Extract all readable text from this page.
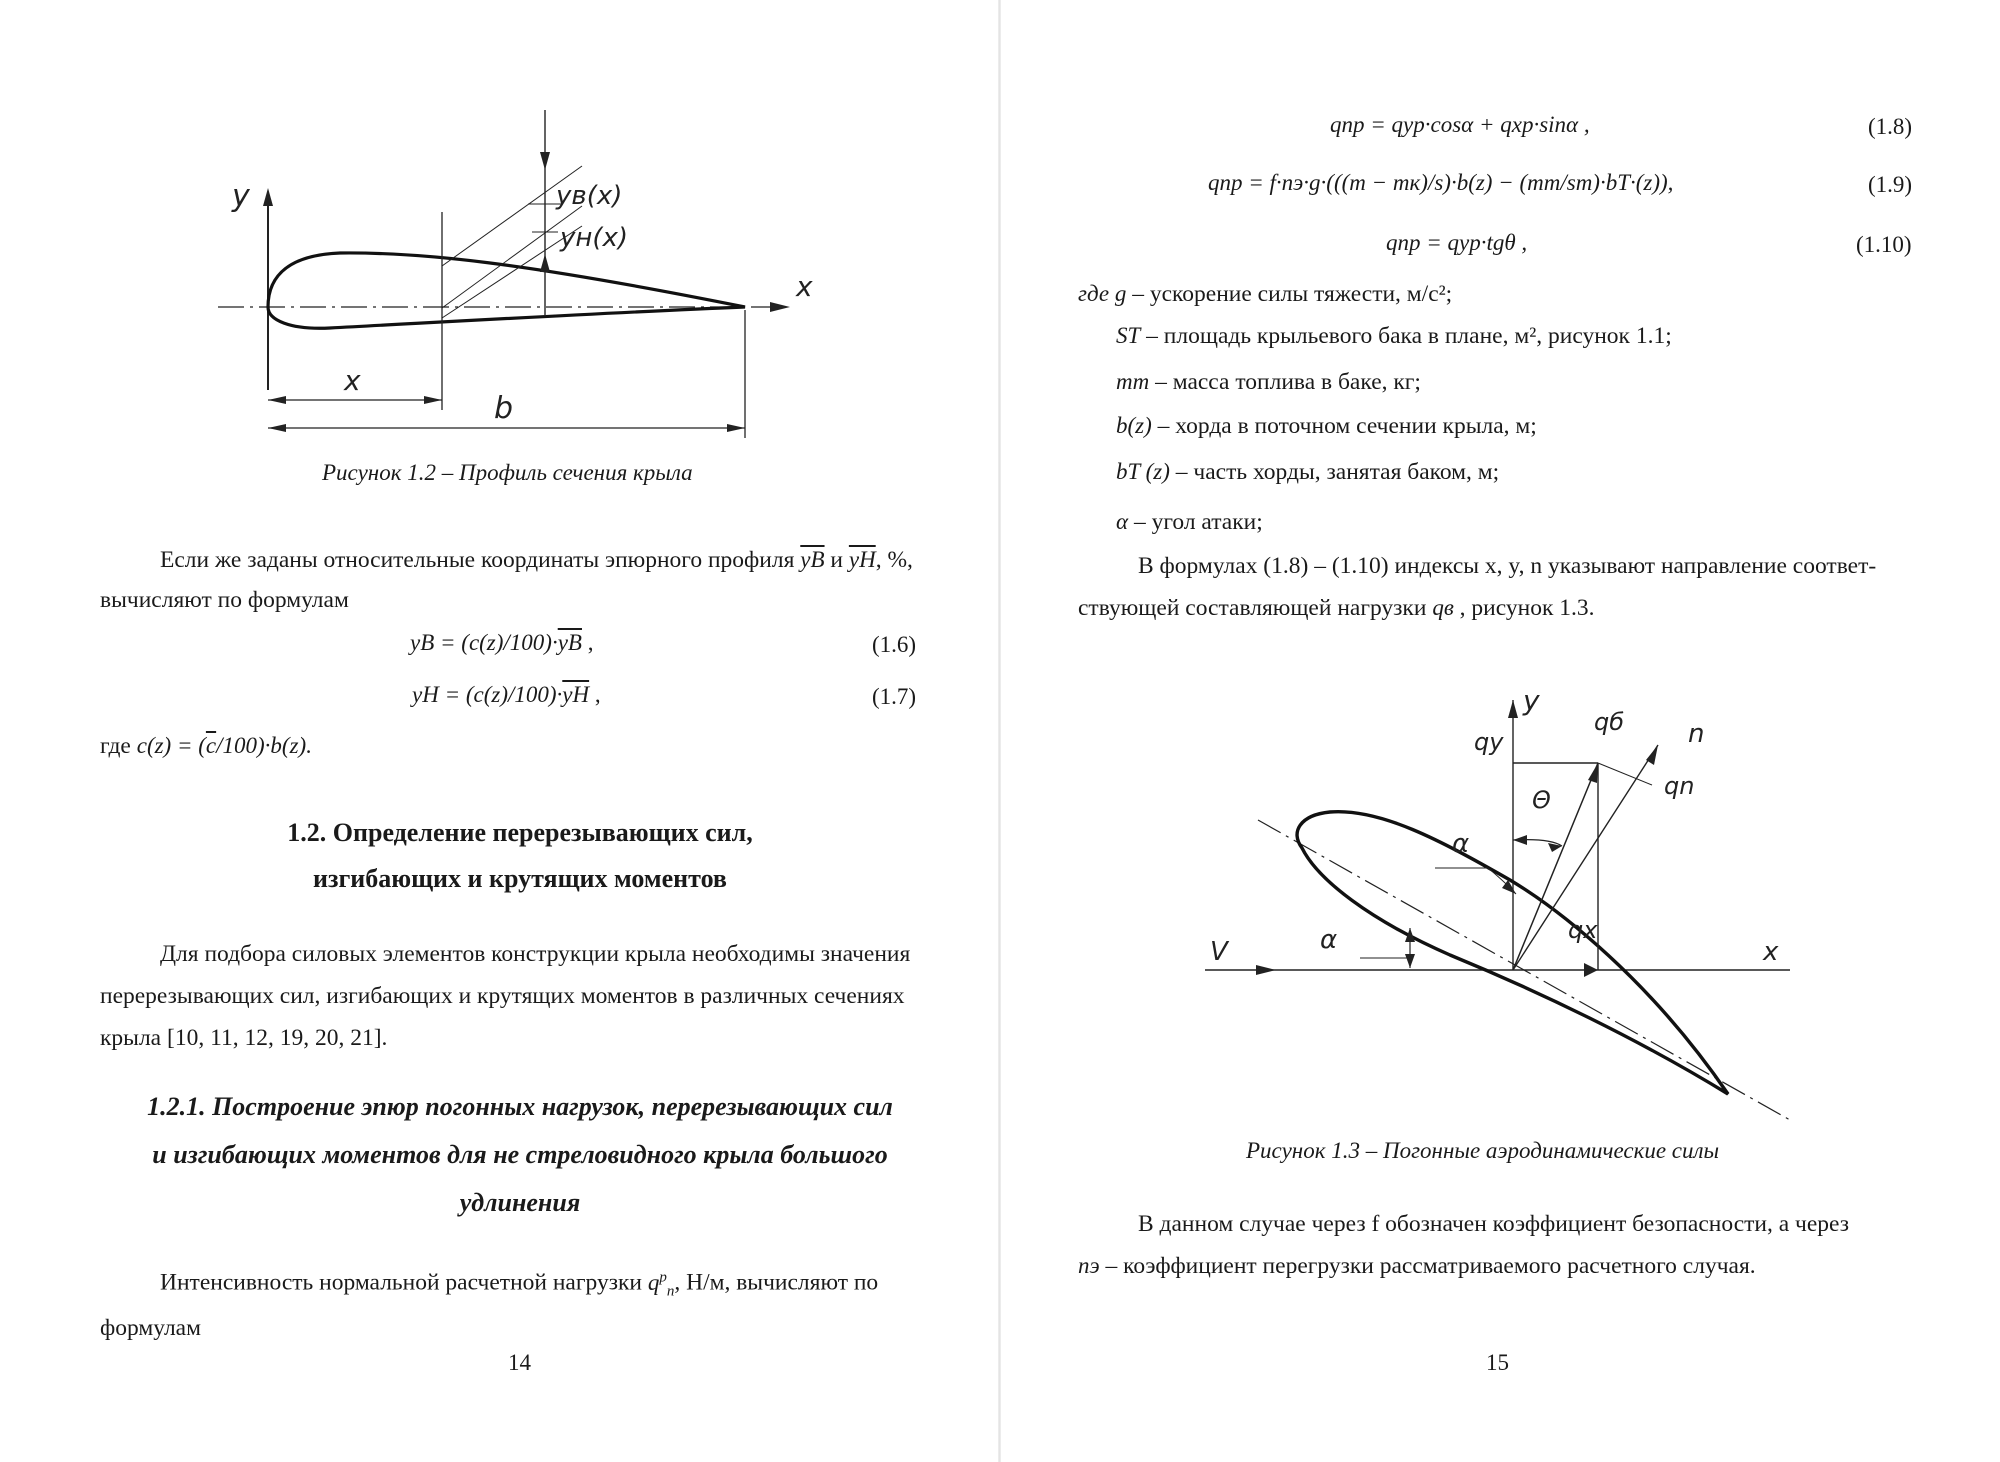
y
x
yв(x)
yн(x)
x
b
Рисунок 1.2 – Профиль сечения крыла
Если же заданы относительные координаты эпюрного профиля $\overline{yB}$ и $\overline{yH}$, %,
вычисляют по формулам
yB = $(c(z)/100)\cdot\overline{yB}$ ,	(1.6)
yH = $(c(z)/100)\cdot\overline{yH}$ ,	(1.7)
где $c(z) = (\overline{c}/100)\cdot b(z)$.
1.2. Определение перерезывающих сил,
изгибающих и крутящих моментов
Для подбора силовых элементов конструкции крыла необходимы значения
перерезывающих сил, изгибающих и крутящих моментов в различных сечениях
крыла [10, 11, 12, 19, 20, 21].
1.2.1. Построение эпюр погонных нагрузок, перерезывающих сил
и изгибающих моментов для не стреловидного крыла большого
удлинения
Интенсивность нормальной расчетной нагрузки $q^p_n$, Н/м, вычисляют по
формулам
14
qnp = qyp·cosα + qxp·sinα ,	(1.8)
qnp = f·nэ·g·(((m − mк)/s)·b(z) − (mт/sт)·bT·(z)),	(1.9)
qnp = qyp·tgθ ,	(1.10)
где g – ускорение силы тяжести, м/с²;
ST – площадь крыльевого бака в плане, м², рисунок 1.1;
mт – масса топлива в баке, кг;
b(z) – хорда в поточном сечении крыла, м;
bT (z) – часть хорды, занятая баком, м;
α – угол атаки;
В формулах (1.8) – (1.10) индексы x, y, n указывают направление соответ-
ствующей составляющей нагрузки qв , рисунок 1.3.
V	x
y
qy
qб n
qn
qx
Θ
α
α
Рисунок 1.3 – Погонные аэродинамические силы
В данном случае через f обозначен коэффициент безопасности, а через
nэ – коэффициент перегрузки рассматриваемого расчетного случая.
15
